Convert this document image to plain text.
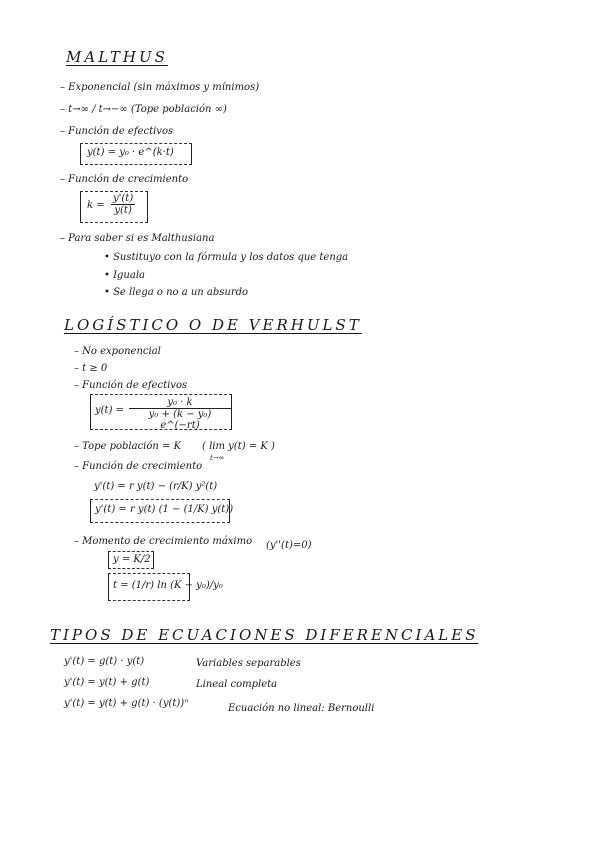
MALTHUS
– Exponencial (sin máximos y mínimos)
– t→∞ / t→−∞ (Tope población ∞)
– Función de efectivos
y(t) = y₀ · e^(k·t)
– Función de crecimiento
$k = \frac{y'(t)}{y(t)}$
– Para saber si es Malthusiana
• Sustituyo con la fórmula y los datos que tenga
• Iguala
• Se llega o no a un absurdo
LOGÍSTICO O DE VERHULST
– No exponencial
– t ≥ 0
– Función de efectivos
$y(t) = \frac{\text{y₀ · k}}{\text{y₀ + (k − y₀) e\textasciicircum{}(−rt)}}$
– Tope población = K ( lim y(t) = K )
t→∞
– Función de crecimiento
y'(t) = r y(t) − (r/K) y²(t)
y'(t) = r y(t) (1 − (1/K) y(t))
– Momento de crecimiento máximo (y''(t)=0)
y = K/2
t = (1/r) ln (K − y₀)/y₀
TIPOS DE ECUACIONES DIFERENCIALES
y'(t) = g(t) · y(t)	Variables separables
y'(t) = y(t) + g(t)	Lineal completa
y'(t) = y(t) + g(t) · (y(t))ⁿ	Ecuación no lineal: Bernoulli
